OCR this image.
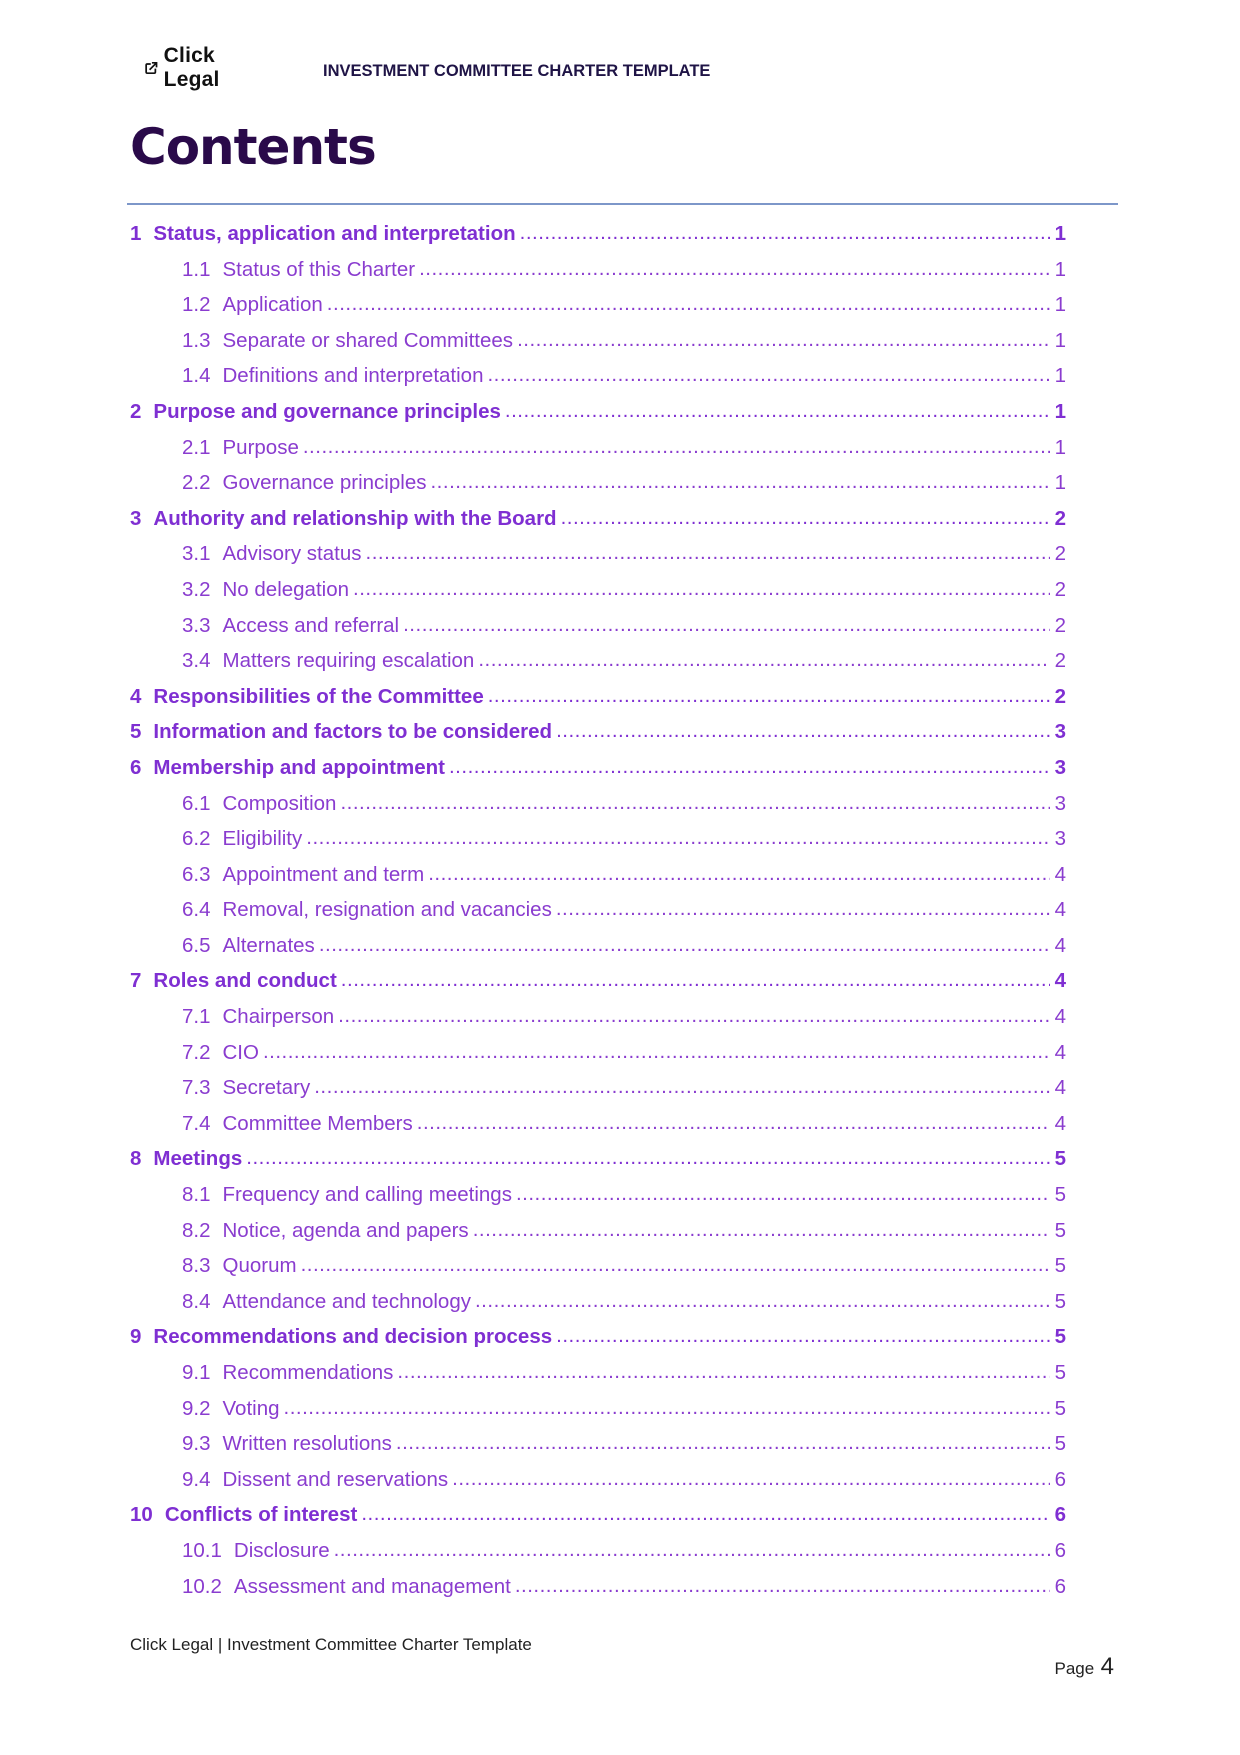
Click Legal	INVESTMENT COMMITTEE CHARTER TEMPLATE
Contents
1 Status, application and interpretation .....	1
1.1 Status of this Charter .....	1
1.2 Application .....	1
1.3 Separate or shared Committees .....	1
1.4 Definitions and interpretation .....	1
2 Purpose and governance principles .....	1
2.1 Purpose .....	1
2.2 Governance principles .....	1
3 Authority and relationship with the Board .....	2
3.1 Advisory status .....	2
3.2 No delegation .....	2
3.3 Access and referral .....	2
3.4 Matters requiring escalation .....	2
4 Responsibilities of the Committee .....	2
5 Information and factors to be considered .....	3
6 Membership and appointment .....	3
6.1 Composition .....	3
6.2 Eligibility .....	3
6.3 Appointment and term .....	4
6.4 Removal, resignation and vacancies .....	4
6.5 Alternates .....	4
7 Roles and conduct .....	4
7.1 Chairperson .....	4
7.2 CIO .....	4
7.3 Secretary .....	4
7.4 Committee Members .....	4
8 Meetings .....	5
8.1 Frequency and calling meetings .....	5
8.2 Notice, agenda and papers .....	5
8.3 Quorum .....	5
8.4 Attendance and technology .....	5
9 Recommendations and decision process .....	5
9.1 Recommendations .....	5
9.2 Voting .....	5
9.3 Written resolutions .....	5
9.4 Dissent and reservations .....	6
10 Conflicts of interest .....	6
10.1 Disclosure .....	6
10.2 Assessment and management .....	6
Click Legal | Investment Committee Charter Template
Page 4
